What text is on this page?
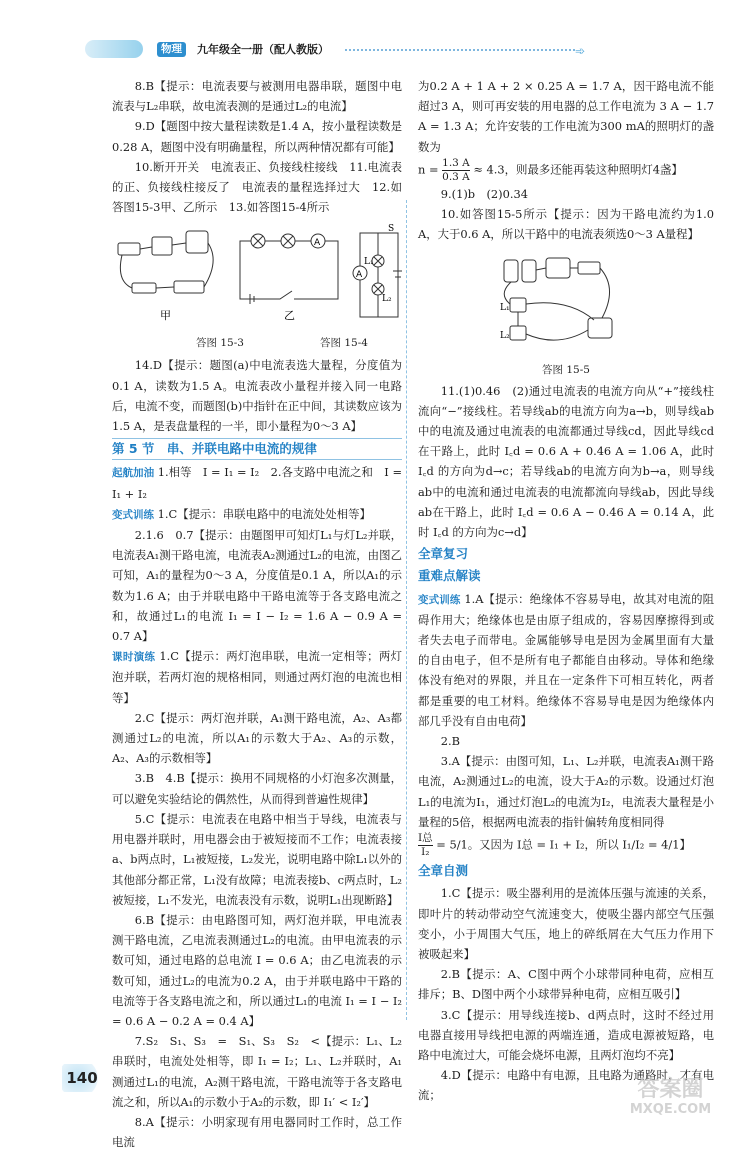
物理	九年级全一册（配人教版）	➾

8.B【提示：电流表要与被测用电器串联，题图中电流表与L₂串联，故电流表测的是通过L₂的电流】

9.D【题图中按大量程读数是1.4 A，按小量程读数是0.28 A，题图中没有明确量程，所以两种情况都有可能】

10.断开开关　电流表正、负接线柱接线　11.电流表的正、负接线柱接反了　电流表的量程选择过大　12.如答图15-3甲、乙所示　13.如答图15-4所示

A
A
L₁
L₂
S
甲	乙
答图 15-3	答图 15-4

14.D【提示：题图(a)中电流表选大量程，分度值为0.1 A，读数为1.5 A。电流表改小量程并接入同一电路后，电流不变，而题图(b)中指针在正中间，其读数应该为1.5 A，是表盘量程的一半，即小量程为0～3 A】

第 5 节　串、并联电路中电流的规律

起航加油 1.相等　I = I₁ = I₂　2.各支路中电流之和　I = I₁ + I₂

变式训练 1.C【提示：串联电路中的电流处处相等】

2.1.6　0.7【提示：由题图甲可知灯L₁与灯L₂并联，电流表A₁测干路电流，电流表A₂测通过L₂的电流，由图乙可知，A₁的量程为0～3 A，分度值是0.1 A，所以A₁的示数为1.6 A；由于并联电路中干路电流等于各支路电流之和，故通过L₁的电流 I₁ = I − I₂ = 1.6 A − 0.9 A = 0.7 A】

课时演练 1.C【提示：两灯泡串联，电流一定相等；两灯泡并联，若两灯泡的规格相同，则通过两灯泡的电流也相等】

2.C【提示：两灯泡并联，A₁测干路电流，A₂、A₃都测通过L₂的电流，所以A₁的示数大于A₂、A₃的示数，A₂、A₃的示数相等】

3.B　4.B【提示：换用不同规格的小灯泡多次测量，可以避免实验结论的偶然性，从而得到普遍性规律】

5.C【提示：电流表在电路中相当于导线，电流表与用电器并联时，用电器会由于被短接而不工作；电流表接a、b两点时，L₁被短接，L₂发光，说明电路中除L₁以外的其他部分都正常，L₁没有故障；电流表接b、c两点时，L₂被短接，L₁不发光，电流表没有示数，说明L₁出现断路】

6.B【提示：由电路图可知，两灯泡并联，甲电流表测干路电流，乙电流表测通过L₂的电流。由甲电流表的示数可知，通过电路的总电流 I = 0.6 A；由乙电流表的示数可知，通过L₂的电流为0.2 A，由于并联电路中干路的电流等于各支路电流之和，所以通过L₁的电流 I₁ = I − I₂ = 0.6 A − 0.2 A = 0.4 A】

7.S₂　S₁、S₃　=　S₁、S₃　S₂　<【提示：L₁、L₂串联时，电流处处相等，即 I₁ = I₂；L₁、L₂并联时，A₁测通过L₁的电流，A₂测干路电流，干路电流等于各支路电流之和，所以A₁的示数小于A₂的示数，即 I₁′ < I₂′】

8.A【提示：小明家现有用电器同时工作时，总工作电流

为0.2 A + 1 A + 2 × 0.25 A = 1.7 A，因干路电流不能超过3 A，则可再安装的用电器的总工作电流为 3 A − 1.7 A = 1.3 A；允许安装的工作电流为300 mA的照明灯的盏数为

$n = \frac{1.3 A}{0.3 A} \approx 4.3$，则最多还能再装这种照明灯4盏】

9.(1)b　(2)0.34

10.如答图15-5所示【提示：因为干路电流约为1.0 A，大于0.6 A，所以干路中的电流表须选0～3 A量程】

L₁
L₂

答图 15-5

11.(1)0.46　(2)通过电流表的电流方向从“+”接线柱流向“−”接线柱。若导线ab的电流方向为a→b，则导线ab中的电流及通过电流表的电流都通过导线cd，因此导线cd在干路上，此时 I꜀d = 0.6 A + 0.46 A = 1.06 A，此时 I꜀d 的方向为d→c；若导线ab的电流方向为b→a，则导线ab中的电流和通过电流表的电流都流向导线ab，因此导线ab在干路上，此时 I꜀d = 0.6 A − 0.46 A = 0.14 A，此时 I꜀d 的方向为c→d】

全章复习

重难点解读

变式训练 1.A【提示：绝缘体不容易导电，故其对电流的阻碍作用大；绝缘体也是由原子组成的，容易因摩擦得到或者失去电子而带电。金属能够导电是因为金属里面有大量的自由电子，但不是所有电子都能自由移动。导体和绝缘体没有绝对的界限，并且在一定条件下可相互转化，两者都是重要的电工材料。绝缘体不容易导电是因为绝缘体内部几乎没有自由电荷】

2.B

3.A【提示：由图可知，L₁、L₂并联，电流表A₁测干路电流，A₂测通过L₂的电流，设大于A₂的示数。设通过灯泡L₁的电流为I₁，通过灯泡L₂的电流为I₂，电流表大量程是小量程的5倍，根据两电流表的指针偏转角度相同得

I总
I₂
= 5/1。又因为 I总 = I₁ + I₂，所以 I₁/I₂ = 4/1】

全章自测

1.C【提示：吸尘器利用的是流体压强与流速的关系，即叶片的转动带动空气流速变大，使吸尘器内部空气压强变小，小于周围大气压，地上的碎纸屑在大气压力作用下被吸起来】

2.B【提示：A、C图中两个小球带同种电荷，应相互排斥；B、D图中两个小球带异种电荷，应相互吸引】

3.C【提示：用导线连接b、d两点时，这时不经过用电器直接用导线把电源的两端连通，造成电源被短路，电路中电流过大，可能会烧坏电源，且两灯泡均不亮】

4.D【提示：电路中有电源，且电路为通路时，才有电流；

140	答案圈
MXQE.COM
